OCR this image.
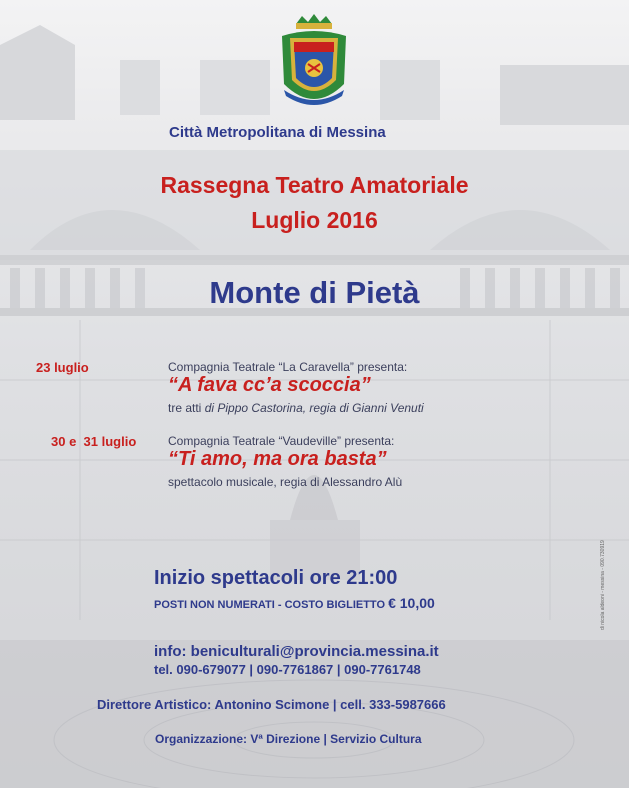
Città Metropolitana di Messina
Rassegna Teatro Amatoriale
Luglio 2016
Monte di Pietà
23 luglio	Compagnia Teatrale “La Caravella” presenta:
“A fava cc’a scoccia”
tre atti di Pippo Castorina, regia di Gianni Venuti
30 e  31 luglio	Compagnia Teatrale “Vaudeville” presenta:
“Ti amo, ma ora basta”
spettacolo musicale, regia di Alessandro Alù
Inizio spettacoli ore 21:00
POSTI NON NUMERATI - COSTO BIGLIETTO € 10,00
info: beniculturali@provincia.messina.it
tel. 090-679077 | 090-7761867 | 090-7761748
Direttore Artistico: Antonino Scimone | cell. 333-5987666
Organizzazione: Vª Direzione | Servizio Cultura
di nicola aldeoni - messina - 090.730919
